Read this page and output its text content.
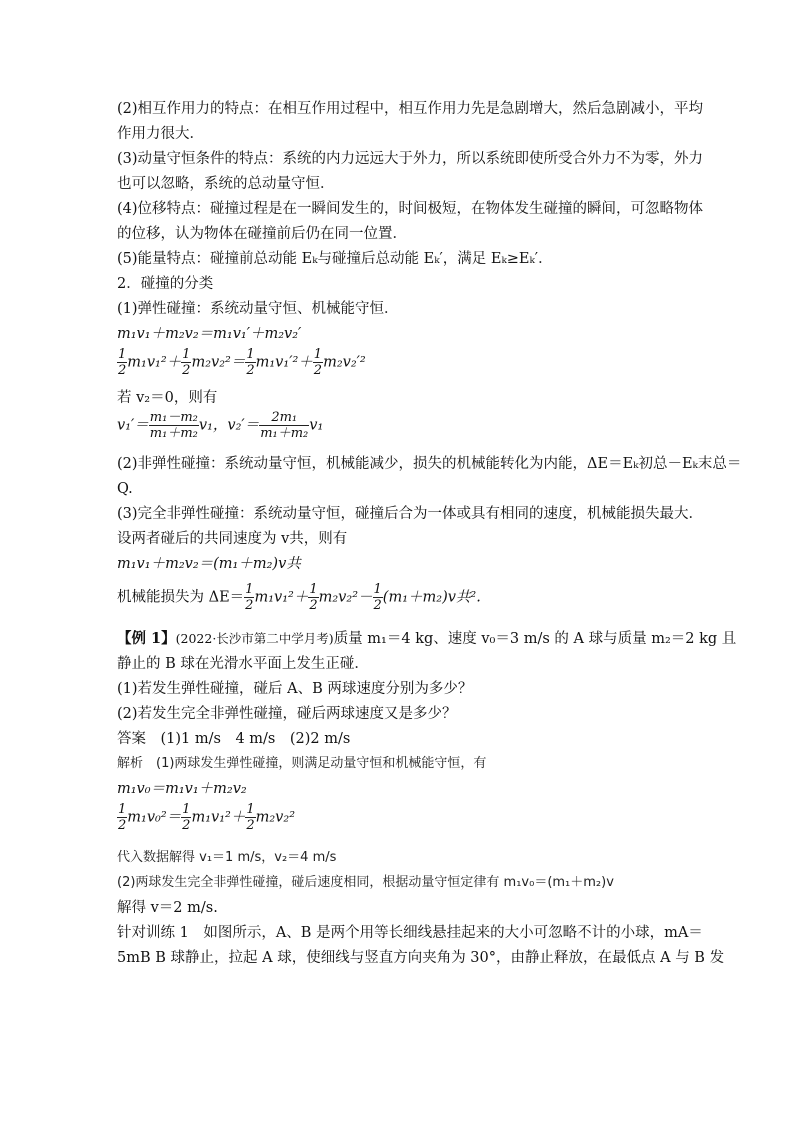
(2)相互作用力的特点：在相互作用过程中，相互作用力先是急剧增大，然后急剧减小，平均
作用力很大．
(3)动量守恒条件的特点：系统的内力远远大于外力，所以系统即使所受合外力不为零，外力
也可以忽略，系统的总动量守恒．
(4)位移特点：碰撞过程是在一瞬间发生的，时间极短，在物体发生碰撞的瞬间，可忽略物体
的位移，认为物体在碰撞前后仍在同一位置．
(5)能量特点：碰撞前总动能 Eₖ与碰撞后总动能 Eₖ′，满足 Eₖ≥Eₖ′．
2．碰撞的分类
(1)弹性碰撞：系统动量守恒、机械能守恒．
m₁v₁＋m₂v₂＝m₁v₁′＋m₂v₂′
$\frac{1}{2} m_1v_1^2+ \frac{1}{2} m_2v_2^2= \frac{1}{2} m_1v_1'^2+ \frac{1}{2} m_2v_2'^2$
若 v₂＝0，则有
$v_1'= \frac{\text{m₁－m₂}}{\text{m₁＋m₂}} v_1$，$v_2'= \frac{\text{2m₁}}{\text{m₁＋m₂}} v_1$
(2)非弹性碰撞：系统动量守恒，机械能减少，损失的机械能转化为内能，ΔE＝Eₖ初总－Eₖ末总＝
Q.
(3)完全非弹性碰撞：系统动量守恒，碰撞后合为一体或具有相同的速度，机械能损失最大．
设两者碰后的共同速度为 v共，则有
m₁v₁＋m₂v₂＝(m₁＋m₂)v共
机械能损失为 $\Delta E= \frac{1}{2} m_1v_1^2+ \frac{1}{2} m_2v_2^2- \frac{1}{2} (m_1+m_2)v$共².
【例 1】(2022·长沙市第二中学月考)质量 m₁＝4 kg、速度 v₀＝3 m/s 的 A 球与质量 m₂＝2 kg 且
静止的 B 球在光滑水平面上发生正碰．
(1)若发生弹性碰撞，碰后 A、B 两球速度分别为多少？
(2)若发生完全非弹性碰撞，碰后两球速度又是多少？
答案　(1)1 m/s　4 m/s　(2)2 m/s
解析　(1)两球发生弹性碰撞，则满足动量守恒和机械能守恒，有
m₁v₀＝m₁v₁＋m₂v₂
$\frac{1}{2} m_1v_0^2= \frac{1}{2} m_1v_1^2+ \frac{1}{2} m_2v_2^2$
代入数据解得 v₁＝1 m/s，v₂＝4 m/s
(2)两球发生完全非弹性碰撞，碰后速度相同，根据动量守恒定律有 m₁v₀＝(m₁＋m₂)v
解得 v＝2 m/s.
针对训练 1　如图所示，A、B 是两个用等长细线悬挂起来的大小可忽略不计的小球，mA＝
5mB B 球静止，拉起 A 球，使细线与竖直方向夹角为 30°，由静止释放，在最低点 A 与 B 发
